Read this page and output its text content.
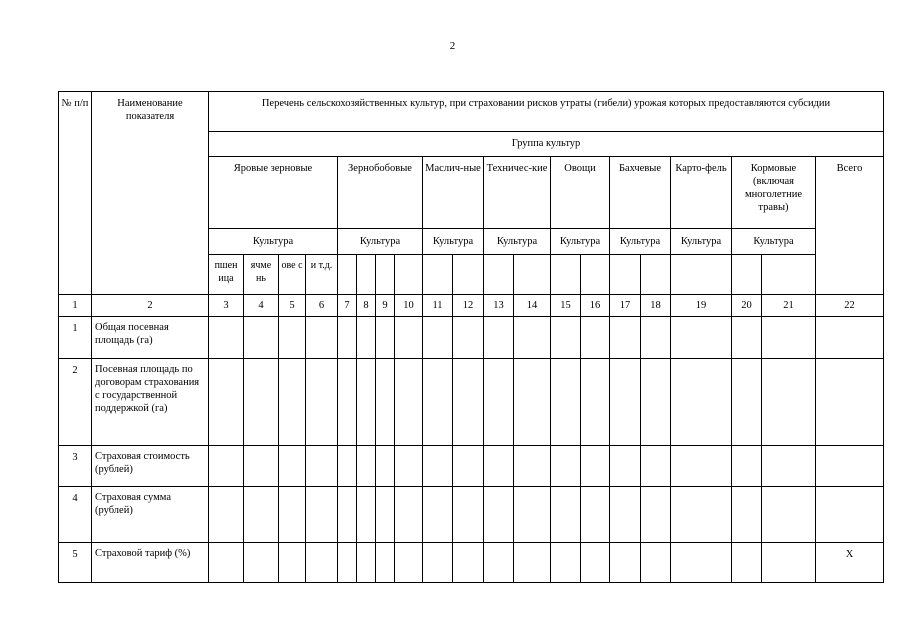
2
№ п/п	Наименование показателя	Перечень сельскохозяйственных культур, при страховании рисков утраты (гибели) урожая которых предоставляются субсидии																			
		Группа культур																			
		Яровые зерновые				Зернобобовые				Маслич-ные		Техничес-кие		Овощи		Бахчевые		Карто-фель	Кормовые (включая многолетние травы)		Всего
		Культура				Культура				Культура		Культура		Культура		Культура		Культура	Культура		
		пшен ица	ячме нь	ове с	и т.д.																
1	2	3	4	5	6	7	8	9	10	11	12	13	14	15	16	17	18	19	20	21	22
1	Общая посевная площадь (га)																				
2	Посевная площадь по договорам страхования с государственной поддержкой (га)																				
3	Страховая стоимость (рублей)																				
4	Страховая сумма (рублей)																				
5	Страховой тариф (%)																				Х
